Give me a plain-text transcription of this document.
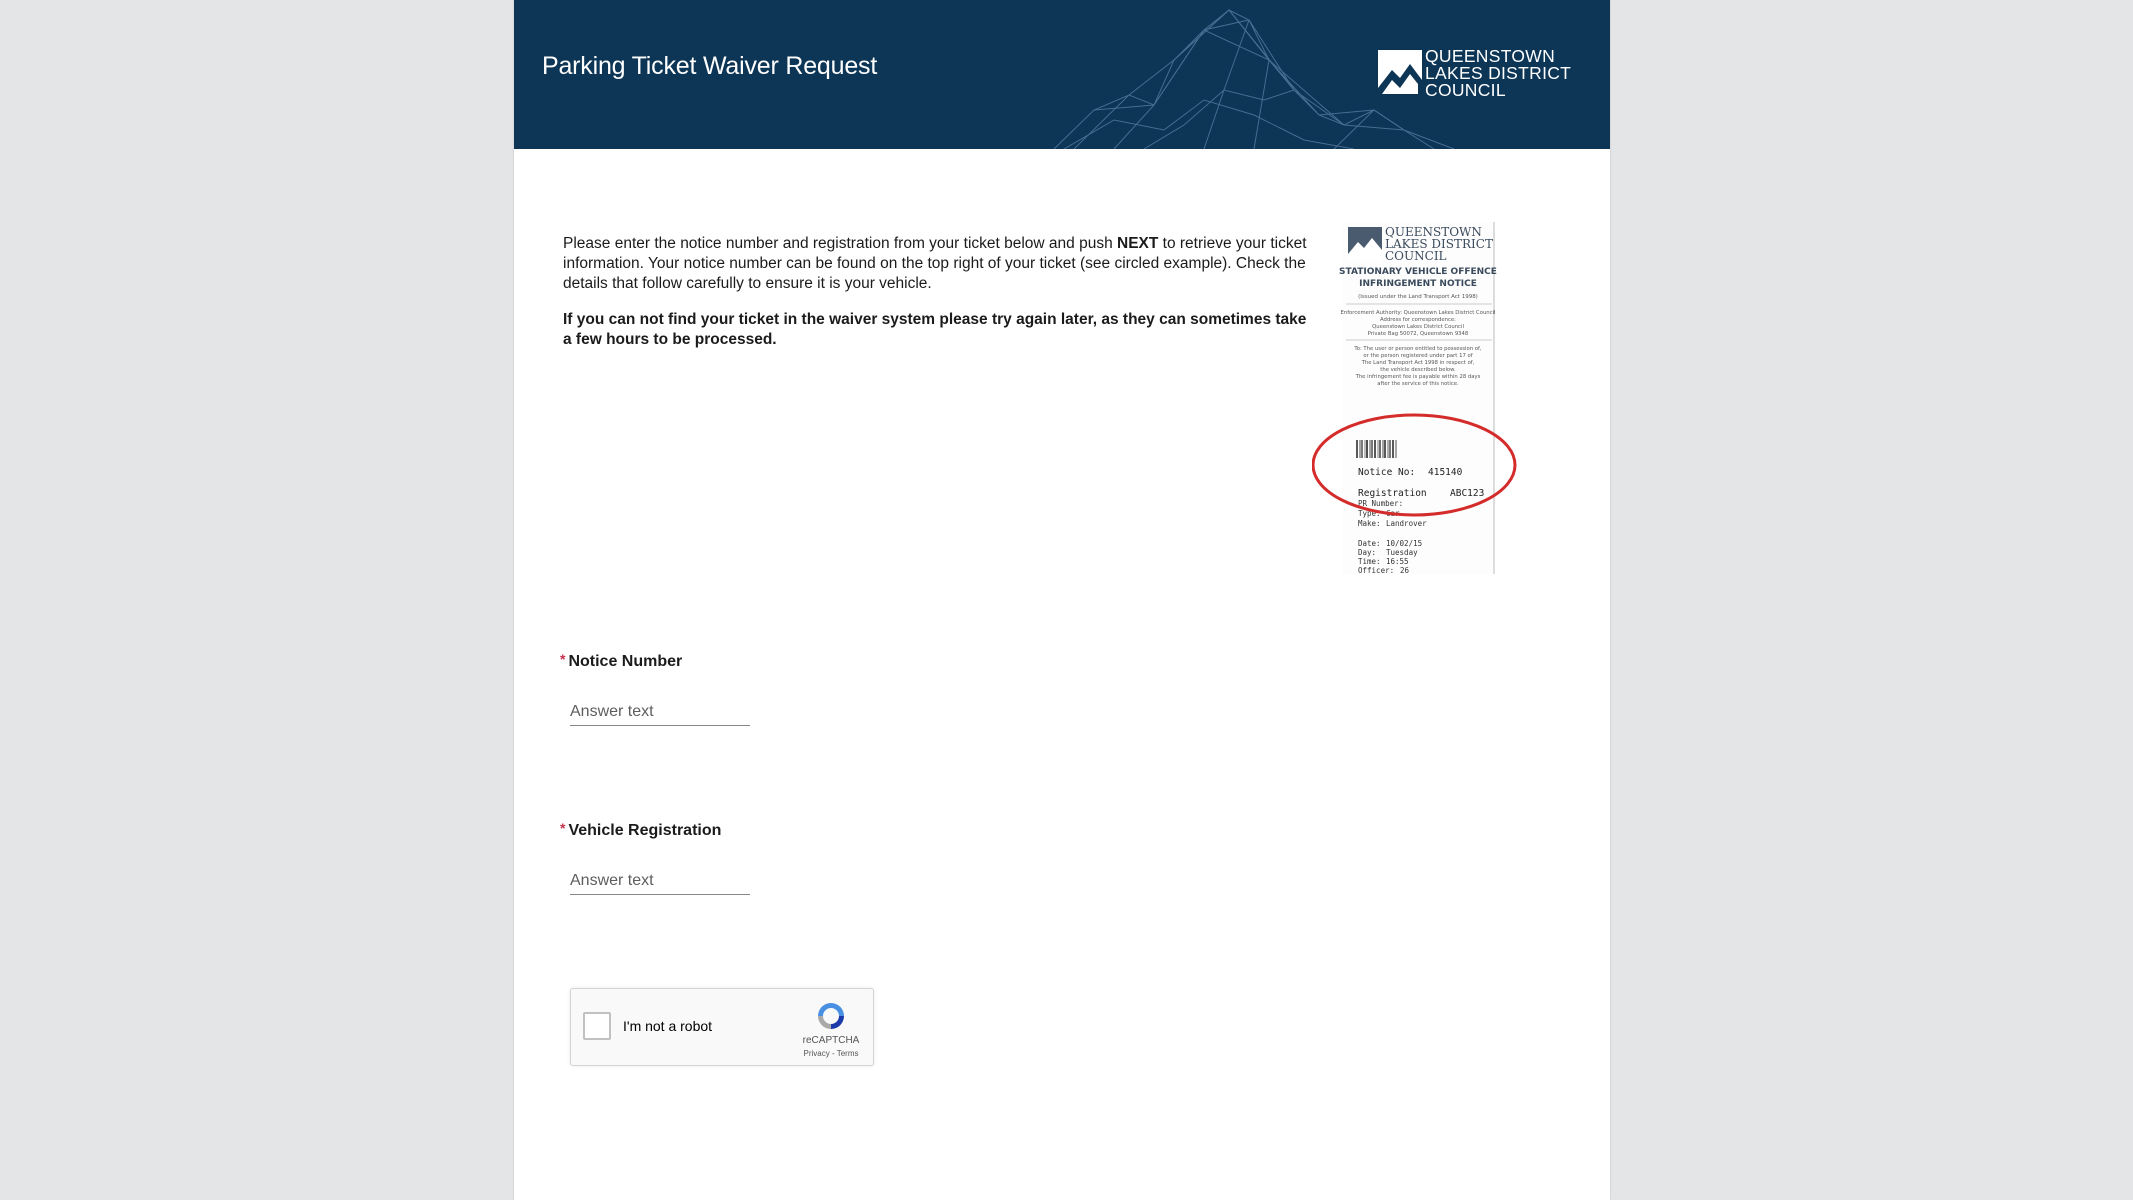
Parking Ticket Waiver Request	QUEENSTOWN
LAKES DISTRICT
COUNCIL

Please enter the notice number and registration from your ticket below and push NEXT to retrieve your ticket information. Your notice number can be found on the top right of your ticket (see circled example). Check the details that follow carefully to ensure it is your vehicle.

If you can not find your ticket in the waiver system please try again later, as they can sometimes take a few hours to be processed.

QUEENSTOWN
LAKES DISTRICT
COUNCIL
STATIONARY VEHICLE OFFENCE
INFRINGEMENT NOTICE
(Issued under the Land Transport Act 1998)
Enforcement Authority: Queenstown Lakes District Council
Address for correspondence:
Queenstown Lakes District Council
Private Bag 50072, Queenstown 9348
To: The user or person entitled to possession of,
or the person registered under part 17 of
The Land Transport Act 1998 in respect of,
the vehicle described below.
The infringement fee is payable within 28 days
after the service of this notice.
Notice No: 415140
Registration ABC123
PR Number:
Type: Car
Make: Landrover
Date: 10/02/15
Day: Tuesday
Time: 16:55
Officer: 26
* Notice Number
Answer text
* Vehicle Registration
Answer text
I'm not a robot
reCAPTCHA
Privacy - Terms
